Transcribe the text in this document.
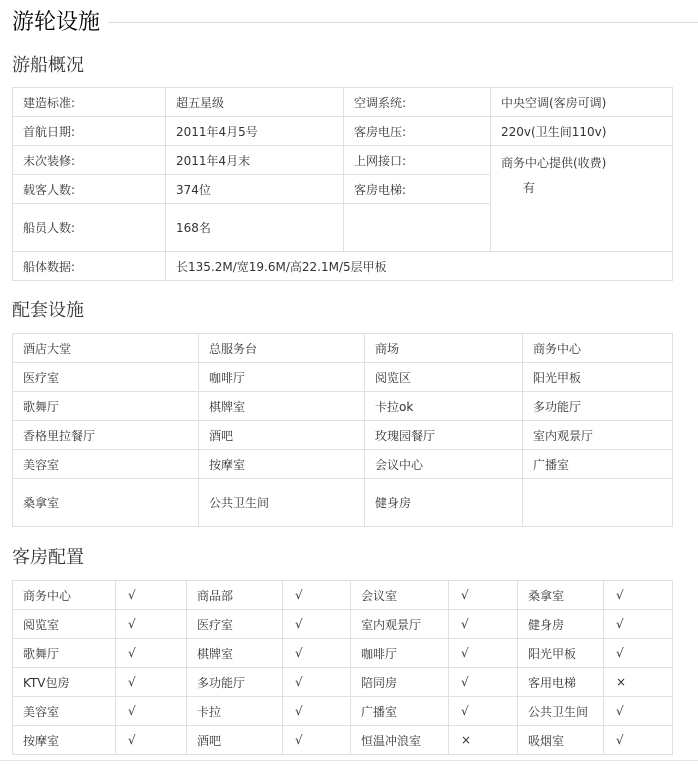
游轮设施
游船概况
建造标准:	超五星级	空调系统:	中央空调(客房可调)
首航日期:	2011年4月5号	客房电压:	220v(卫生间110v)
末次装修:	2011年4月末	上网接口:	商务中心提供(收费)
有

载客人数:	374位	客房电梯:	
船员人数:	168名		
船体数据:	长135.2M/宽19.6M/高22.1M/5层甲板		
配套设施
酒店大堂	总服务台	商场	商务中心
医疗室	咖啡厅	阅览区	阳光甲板
歌舞厅	棋牌室	卡拉ok	多功能厅
香格里拉餐厅	酒吧	玫瑰园餐厅	室内观景厅
美容室	按摩室	会议中心	广播室
桑拿室	公共卫生间	健身房	
客房配置
商务中心	√	商品部	√	会议室	√	桑拿室	√
阅览室	√	医疗室	√	室内观景厅	√	健身房	√
歌舞厅	√	棋牌室	√	咖啡厅	√	阳光甲板	√
KTV包房	√	多功能厅	√	陪同房	√	客用电梯	×
美容室	√	卡拉	√	广播室	√	公共卫生间	√
按摩室	√	酒吧	√	恒温冲浪室	×	吸烟室	√
